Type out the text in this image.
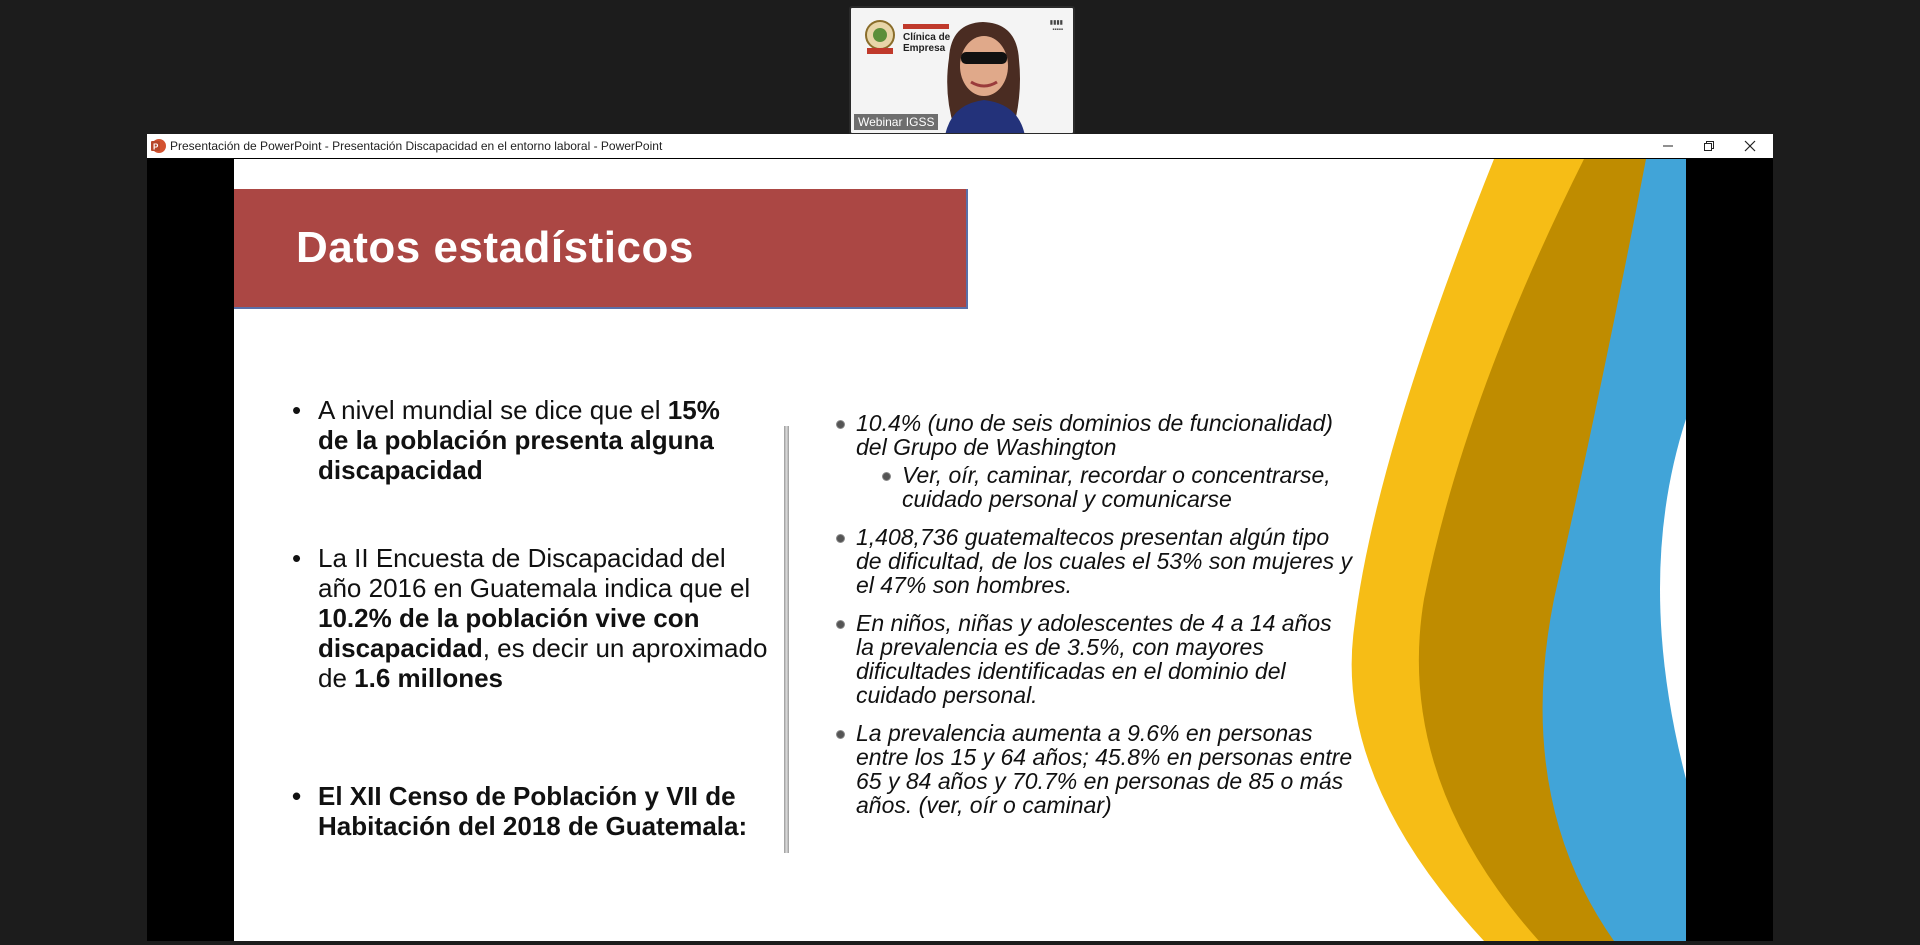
Clínica de Empresa
▮▮▮▮
▪▪▪▪▪
Webinar IGSS
P Presentación de PowerPoint - Presentación Discapacidad en el entorno laboral - PowerPoint
Datos estadísticos
• A nivel mundial se dice que el 15% de la población presenta alguna discapacidad
• La II Encuesta de Discapacidad del año 2016 en Guatemala indica que el 10.2% de la población vive con discapacidad, es decir un aproximado de 1.6 millones
• El XII Censo de Población y VII de Habitación del 2018 de Guatemala:
10.4% (uno de seis dominios de funcionalidad) del Grupo de Washington
Ver, oír, caminar, recordar o concentrarse, cuidado personal y comunicarse
1,408,736 guatemaltecos presentan algún tipo de dificultad, de los cuales el 53% son mujeres y el 47% son hombres.
En niños, niñas y adolescentes de 4 a 14 años la prevalencia es de 3.5%, con mayores dificultades identificadas en el dominio del cuidado personal.
La prevalencia aumenta a 9.6% en personas entre los 15 y 64 años; 45.8% en personas entre 65 y 84 años y 70.7% en personas de 85 o más años. (ver, oír o caminar)
